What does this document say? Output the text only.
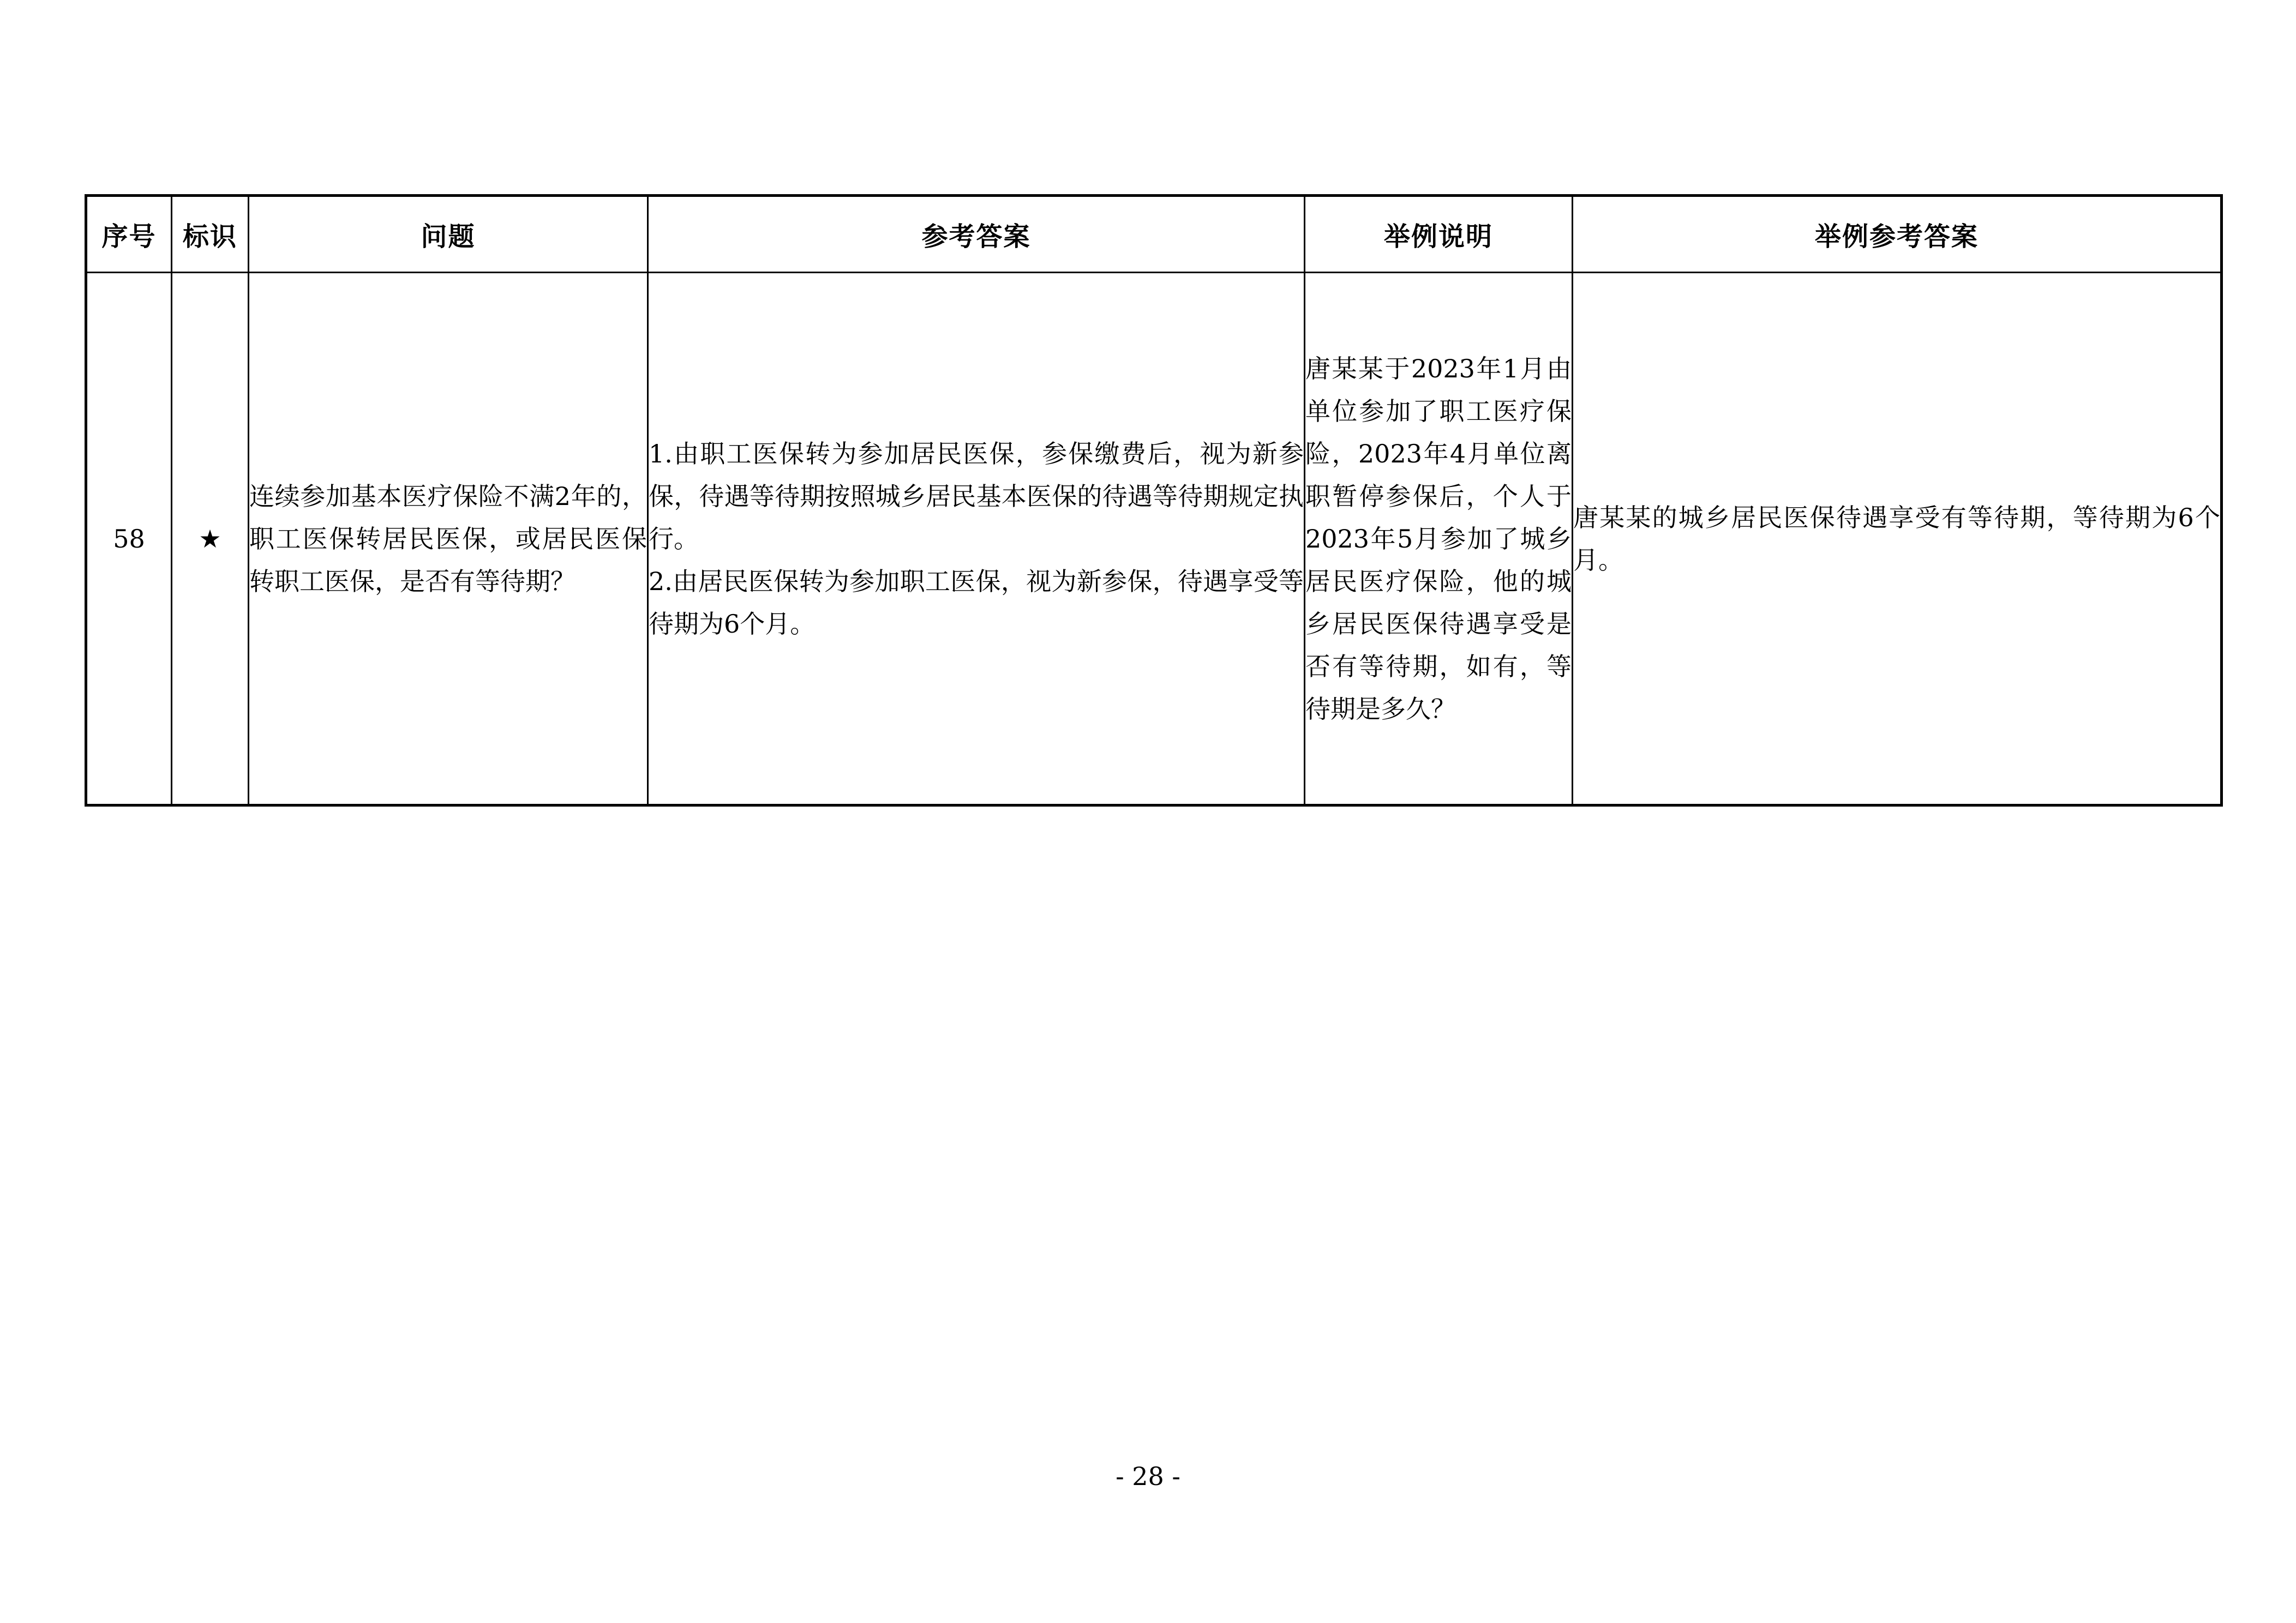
序号	标识	问题	参考答案	举例说明	举例参考答案
58	★	连续参加基本医疗保险不满2年的，职工医保转居民医保，或居民医保转职工医保，是否有等待期？	1.由职工医保转为参加居民医保，参保缴费后，视为新参保，待遇等待期按照城乡居民基本医保的待遇等待期规定执行。
2.由居民医保转为参加职工医保，视为新参保，待遇享受等待期为6个月。	唐某某于2023年1月由单位参加了职工医疗保险，2023年4月单位离职暂停参保后，个人于2023年5月参加了城乡居民医疗保险，他的城乡居民医保待遇享受是否有等待期，如有，等待期是多久？	唐某某的城乡居民医保待遇享受有等待期，等待期为6个月。
- 28 -
